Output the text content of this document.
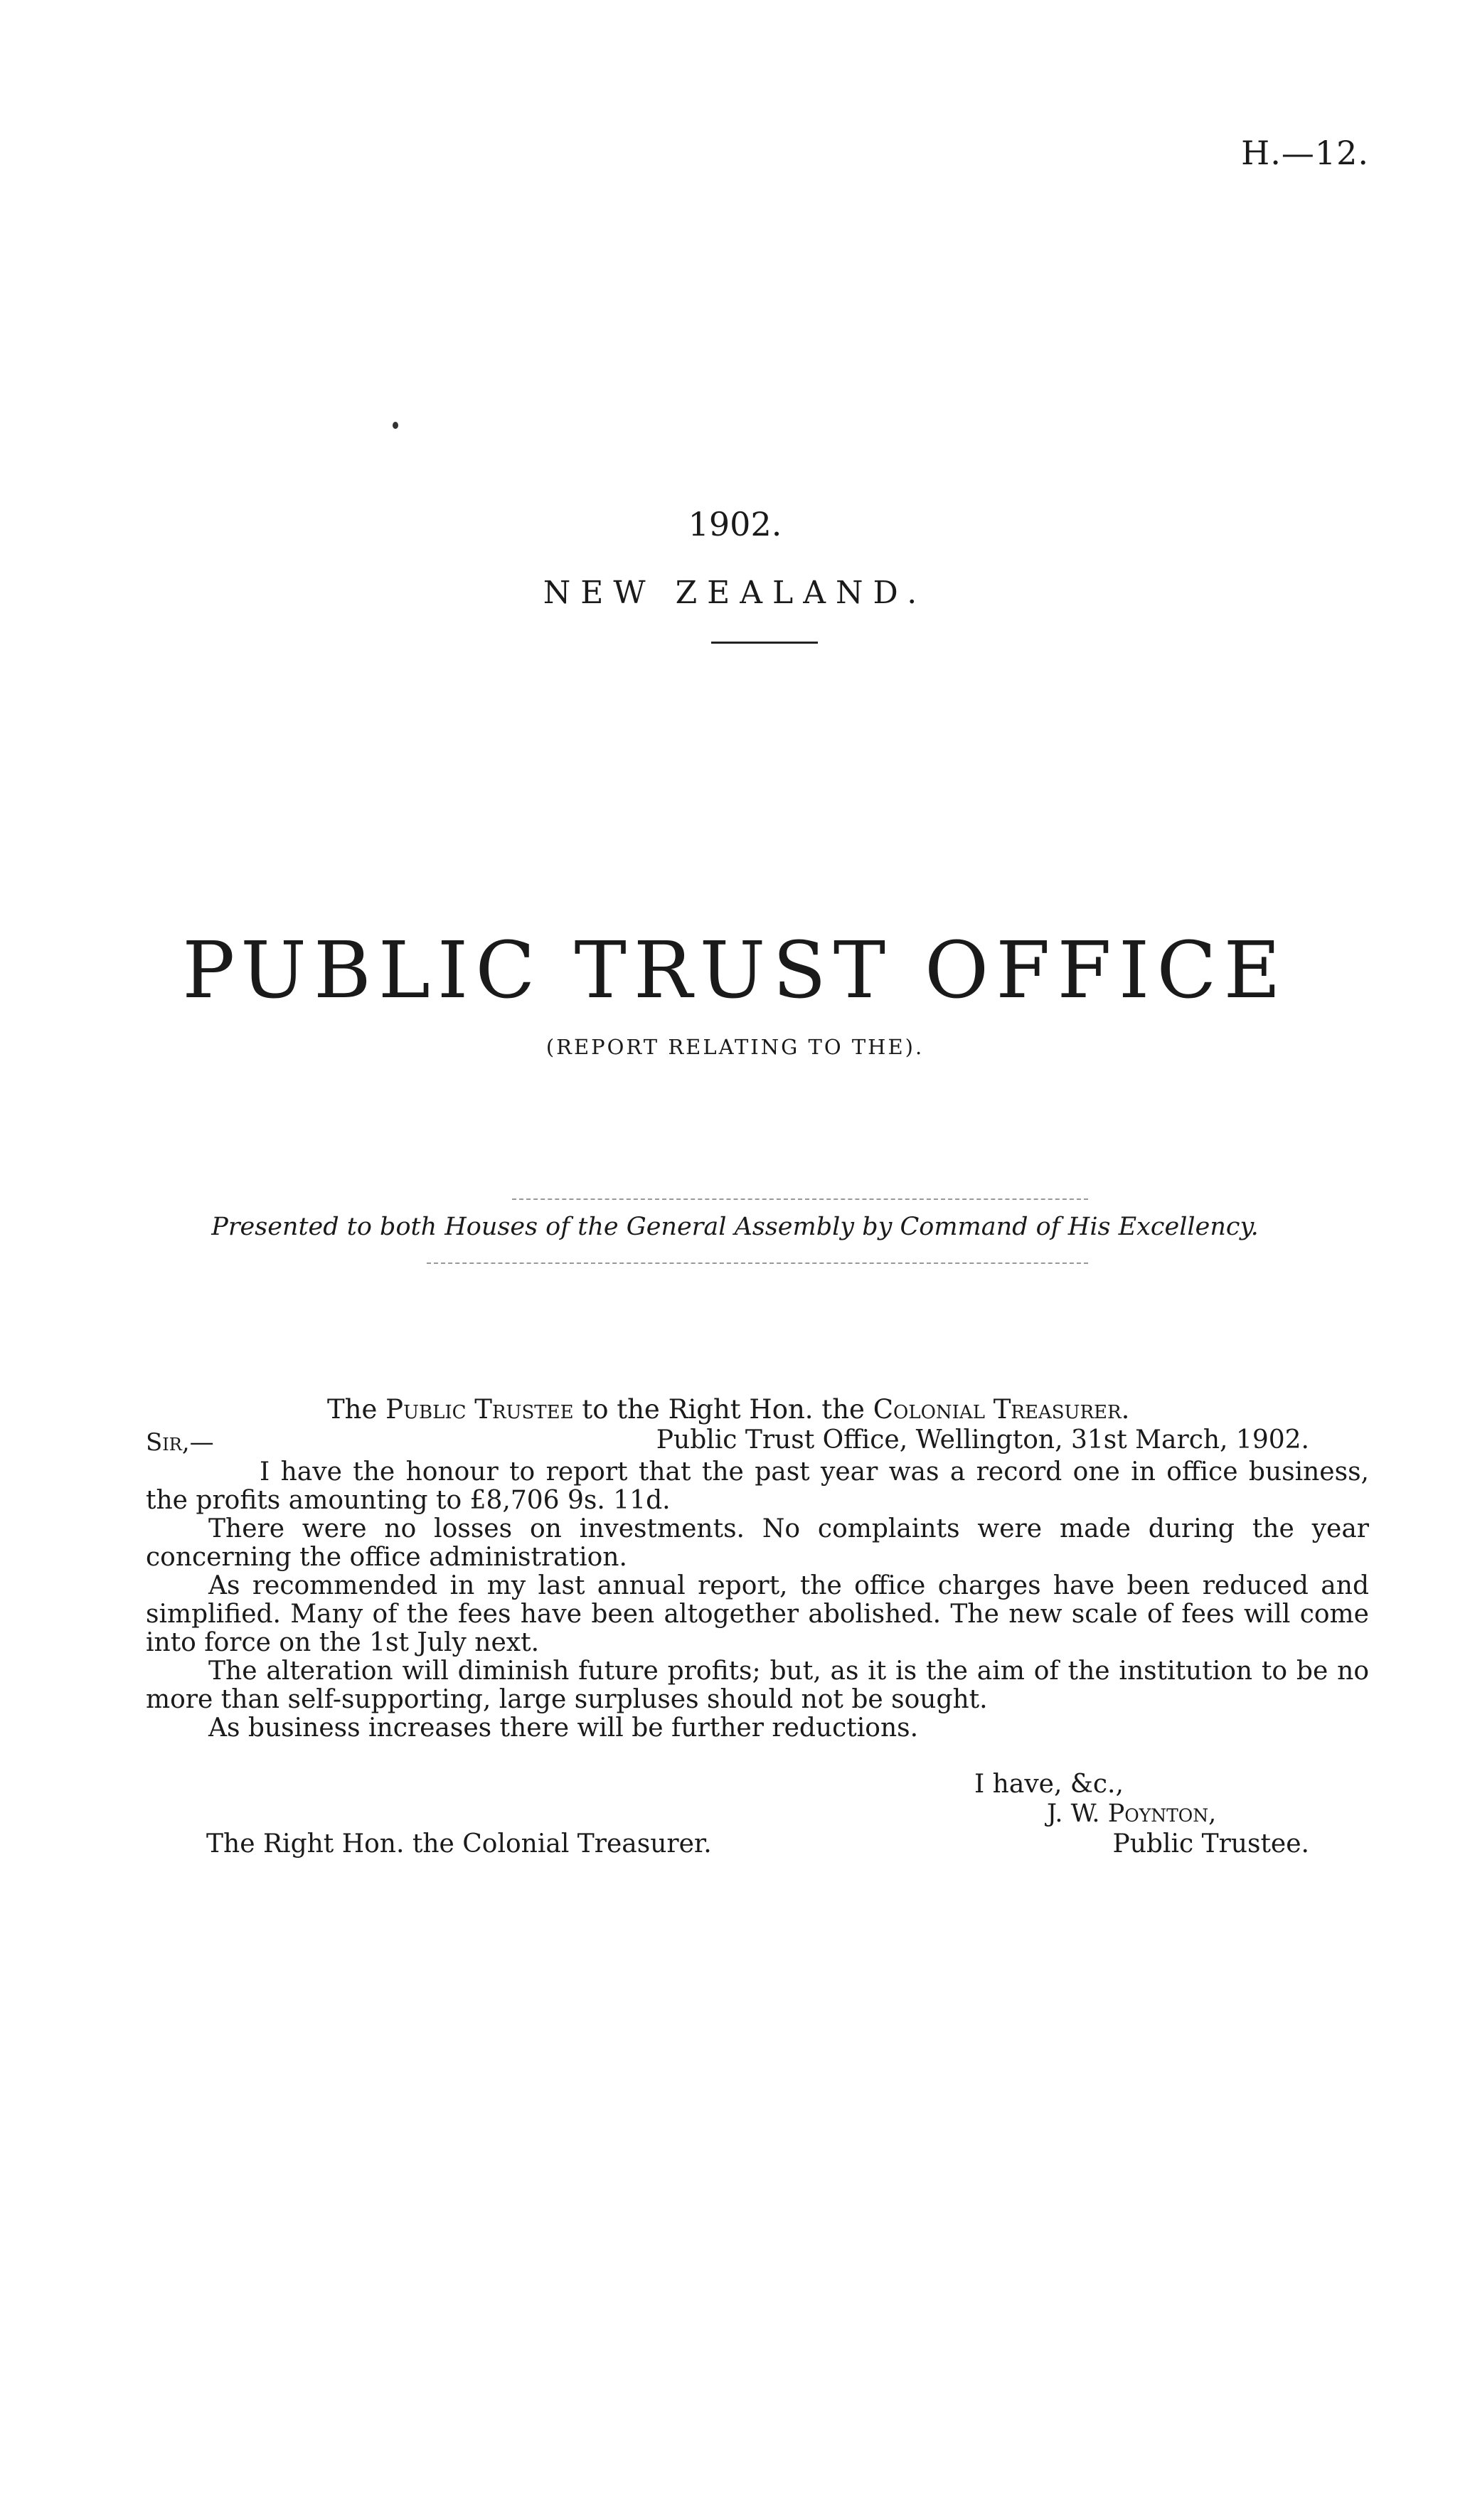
H.—12.
1902.
NEW ZEALAND.
PUBLIC TRUST OFFICE
(REPORT RELATING TO THE).
Presented to both Houses of the General Assembly by Command of His Excellency.
The Public Trustee to the Right Hon. the Colonial Treasurer.
Sir,—	Public Trust Office, Wellington, 31st March, 1902.

I have the honour to report that the past year was a record one in office business, the profits amounting to £8,706 9s. 11d.

There were no losses on investments. No complaints were made during the year concerning the office administration.

As recommended in my last annual report, the office charges have been reduced and simplified. Many of the fees have been altogether abolished. The new scale of fees will come into force on the 1st July next.

The alteration will diminish future profits; but, as it is the aim of the institution to be no more than self-supporting, large surpluses should not be sought.

As business increases there will be further reductions.

I have, &c.,
J. W. Poynton,
Public Trustee.
The Right Hon. the Colonial Treasurer.
